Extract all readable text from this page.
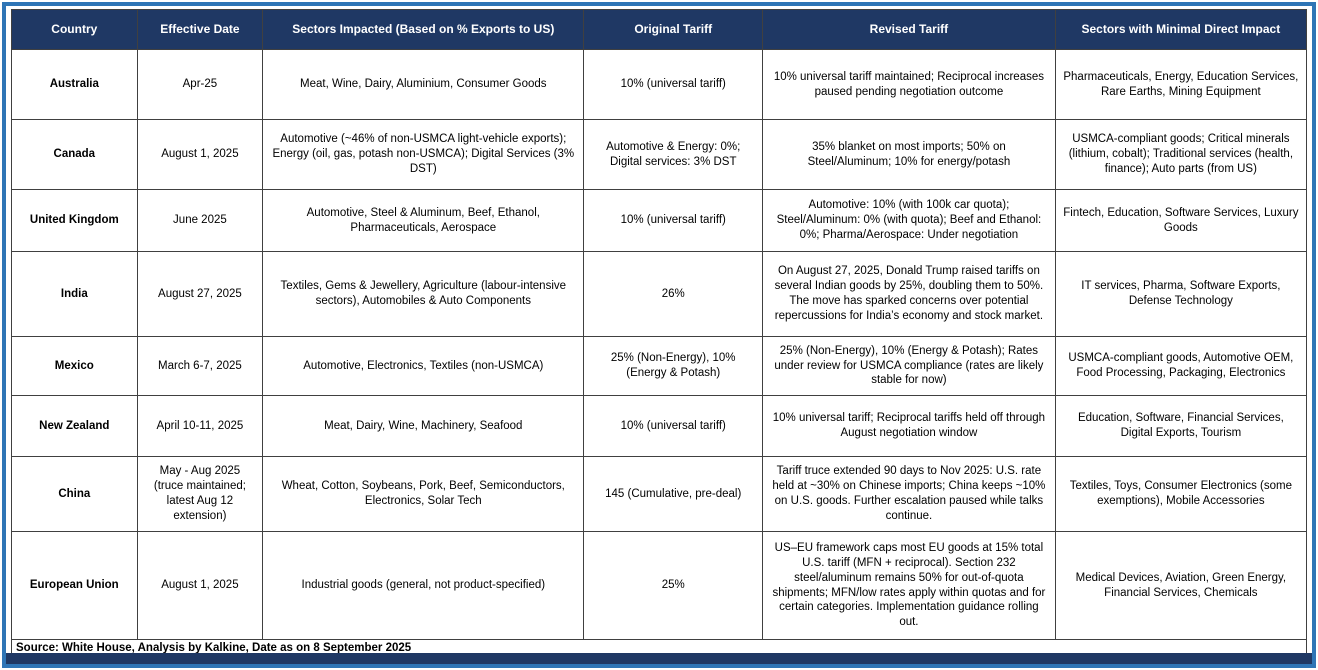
Country	Effective Date	Sectors Impacted (Based on % Exports to US)	Original Tariff	Revised Tariff	Sectors with Minimal Direct Impact
Australia	Apr-25	Meat, Wine, Dairy, Aluminium, Consumer Goods	10% (universal tariff)	10% universal tariff maintained; Reciprocal increases paused pending negotiation outcome	Pharmaceuticals, Energy, Education Services, Rare Earths, Mining Equipment
Canada	August 1, 2025	Automotive (~46% of non-USMCA light-vehicle exports); Energy (oil, gas, potash non-USMCA); Digital Services (3% DST)	Automotive & Energy: 0%; Digital services: 3% DST	35% blanket on most imports; 50% on Steel/Aluminum; 10% for energy/potash	USMCA-compliant goods; Critical minerals (lithium, cobalt); Traditional services (health, finance); Auto parts (from US)
United Kingdom	June 2025	Automotive, Steel & Aluminum, Beef, Ethanol, Pharmaceuticals, Aerospace	10% (universal tariff)	Automotive: 10% (with 100k car quota); Steel/Aluminum: 0% (with quota); Beef and Ethanol: 0%; Pharma/Aerospace: Under negotiation	Fintech, Education, Software Services, Luxury Goods
India	August 27, 2025	Textiles, Gems & Jewellery, Agriculture (labour-intensive sectors), Automobiles & Auto Components	26%	On August 27, 2025, Donald Trump raised tariffs on several Indian goods by 25%, doubling them to 50%. The move has sparked concerns over potential repercussions for India’s economy and stock market.	IT services, Pharma, Software Exports, Defense Technology
Mexico	March 6-7, 2025	Automotive, Electronics, Textiles (non-USMCA)	25% (Non-Energy), 10% (Energy & Potash)	25% (Non-Energy), 10% (Energy & Potash); Rates under review for USMCA compliance (rates are likely stable for now)	USMCA-compliant goods, Automotive OEM, Food Processing, Packaging, Electronics
New Zealand	April 10-11, 2025	Meat, Dairy, Wine, Machinery, Seafood	10% (universal tariff)	10% universal tariff; Reciprocal tariffs held off through August negotiation window	Education, Software, Financial Services, Digital Exports, Tourism
China	May - Aug 2025 (truce maintained; latest Aug 12 extension)	Wheat, Cotton, Soybeans, Pork, Beef, Semiconductors, Electronics, Solar Tech	145 (Cumulative, pre-deal)	Tariff truce extended 90 days to Nov 2025: U.S. rate held at ~30% on Chinese imports; China keeps ~10% on U.S. goods. Further escalation paused while talks continue.	Textiles, Toys, Consumer Electronics (some exemptions), Mobile Accessories
European Union	August 1, 2025	Industrial goods (general, not product-specified)	25%	US–EU framework caps most EU goods at 15% total U.S. tariff (MFN + reciprocal). Section 232 steel/aluminum remains 50% for out-of-quota shipments; MFN/low rates apply within quotas and for certain categories. Implementation guidance rolling out.	Medical Devices, Aviation, Green Energy, Financial Services, Chemicals
Source: White House, Analysis by Kalkine, Date as on 8 September 2025					
